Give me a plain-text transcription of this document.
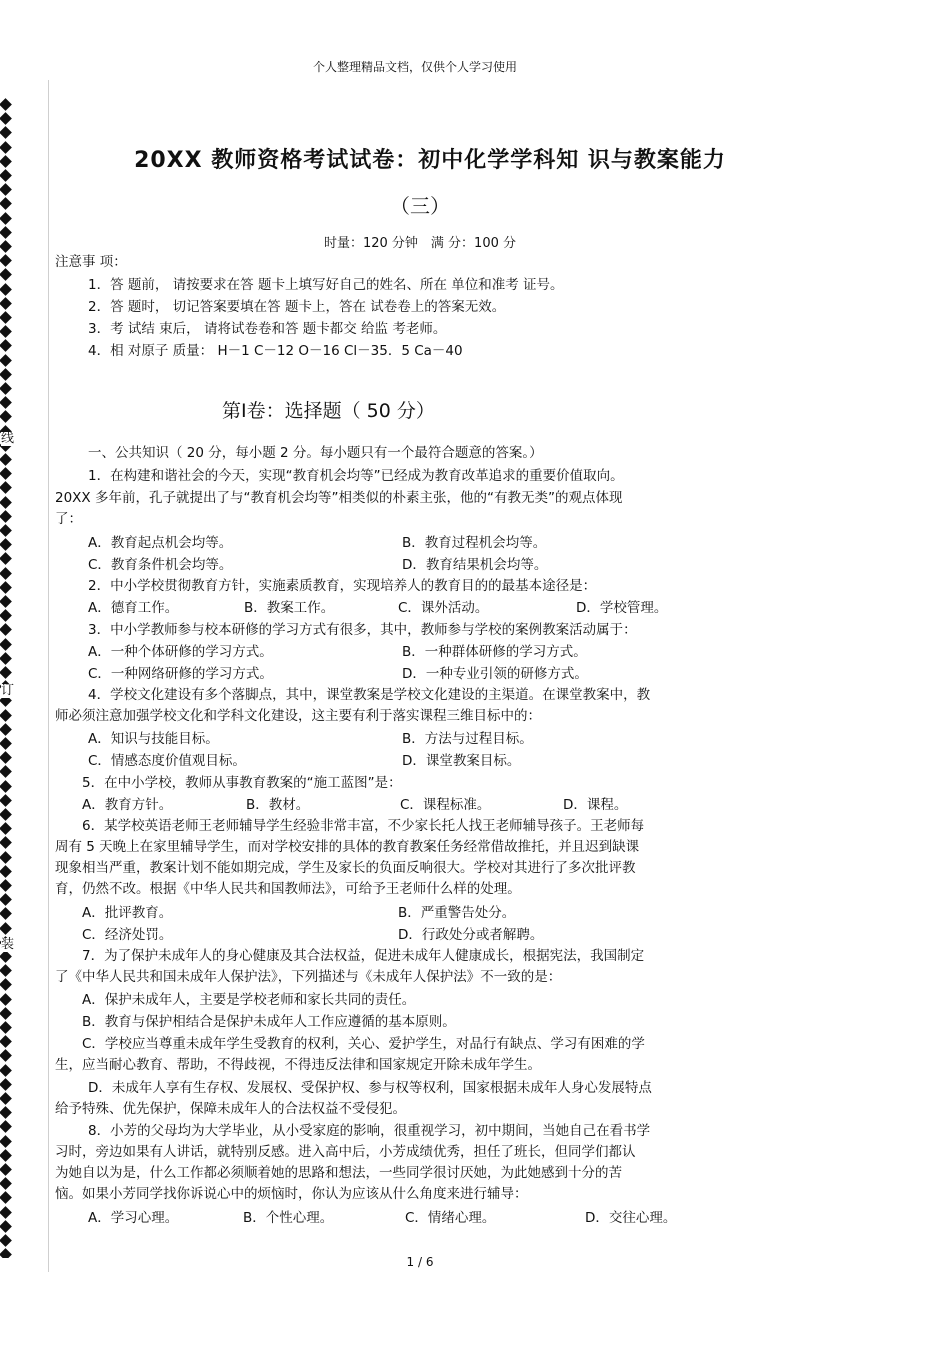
个人整理精品文档，仅供个人学习使用
线
订
装
20XX 教师资格考试试卷：初中化学学科知 识与教案能力
（三）
时量：120 分钟　满 分：100 分
注意事 项：
1．答 题前， 请按要求在答 题卡上填写好自己的姓名、所在 单位和准考 证号。
2．答 题时， 切记答案要填在答 题卡上，答在 试卷卷上的答案无效。
3．考 试结 束后， 请将试卷卷和答 题卡都交 给监 考老师。
4．相 对原子 质量： H－1 C－12 O－16 Cl－35．5 Ca－40
第Ⅰ卷：选择题（ 50 分）
一、公共知识（ 20 分，每小题 2 分。每小题只有一个最符合题意的答案。）
1．在构建和谐社会的今天，实现“教育机会均等”已经成为教育改革追求的重要价值取向。
20XX 多年前，孔子就提出了与“教育机会均等”相类似的朴素主张，他的“有教无类”的观点体现
了：
A．教育起点机会均等。	B．教育过程机会均等。
C．教育条件机会均等。	D．教育结果机会均等。
2．中小学校贯彻教育方针，实施素质教育，实现培养人的教育目的的最基本途径是：
A．德育工作。	B．教案工作。	C．课外活动。	D．学校管理。
3．中小学教师参与校本研修的学习方式有很多，其中，教师参与学校的案例教案活动属于：
A．一种个体研修的学习方式。	B．一种群体研修的学习方式。
C．一种网络研修的学习方式。	D．一种专业引领的研修方式。
4．学校文化建设有多个落脚点，其中，课堂教案是学校文化建设的主渠道。在课堂教案中，教
师必须注意加强学校文化和学科文化建设，这主要有利于落实课程三维目标中的：
A．知识与技能目标。	B．方法与过程目标。
C．情感态度价值观目标。	D．课堂教案目标。
5．在中小学校，教师从事教育教案的“施工蓝图”是：
A．教育方针。	B．教材。	C．课程标准。	D．课程。
6．某学校英语老师王老师辅导学生经验非常丰富，不少家长托人找王老师辅导孩子。王老师每
周有 5 天晚上在家里辅导学生，而对学校安排的具体的教育教案任务经常借故推托，并且迟到缺课
现象相当严重，教案计划不能如期完成，学生及家长的负面反响很大。学校对其进行了多次批评教
育，仍然不改。根据《中华人民共和国教师法》，可给予王老师什么样的处理。
A．批评教育。	B．严重警告处分。
C．经济处罚。	D．行政处分或者解聘。
7．为了保护未成年人的身心健康及其合法权益，促进未成年人健康成长，根据宪法，我国制定
了《中华人民共和国未成年人保护法》，下列描述与《未成年人保护法》不一致的是：
A．保护未成年人，主要是学校老师和家长共同的责任。
B．教育与保护相结合是保护未成年人工作应遵循的基本原则。
C．学校应当尊重未成年学生受教育的权利，关心、爱护学生，对品行有缺点、学习有困难的学
生，应当耐心教育、帮助，不得歧视，不得违反法律和国家规定开除未成年学生。
D．未成年人享有生存权、发展权、受保护权、参与权等权利，国家根据未成年人身心发展特点
给予特殊、优先保护，保障未成年人的合法权益不受侵犯。
8．小芳的父母均为大学毕业，从小受家庭的影响，很重视学习，初中期间，当她自己在看书学
习时，旁边如果有人讲话，就特别反感。进入高中后，小芳成绩优秀，担任了班长，但同学们都认
为她自以为是，什么工作都必须顺着她的思路和想法，一些同学很讨厌她，为此她感到十分的苦
恼。如果小芳同学找你诉说心中的烦恼时，你认为应该从什么角度来进行辅导：
A．学习心理。	B．个性心理。	C．情绪心理。	D．交往心理。
1 / 6
